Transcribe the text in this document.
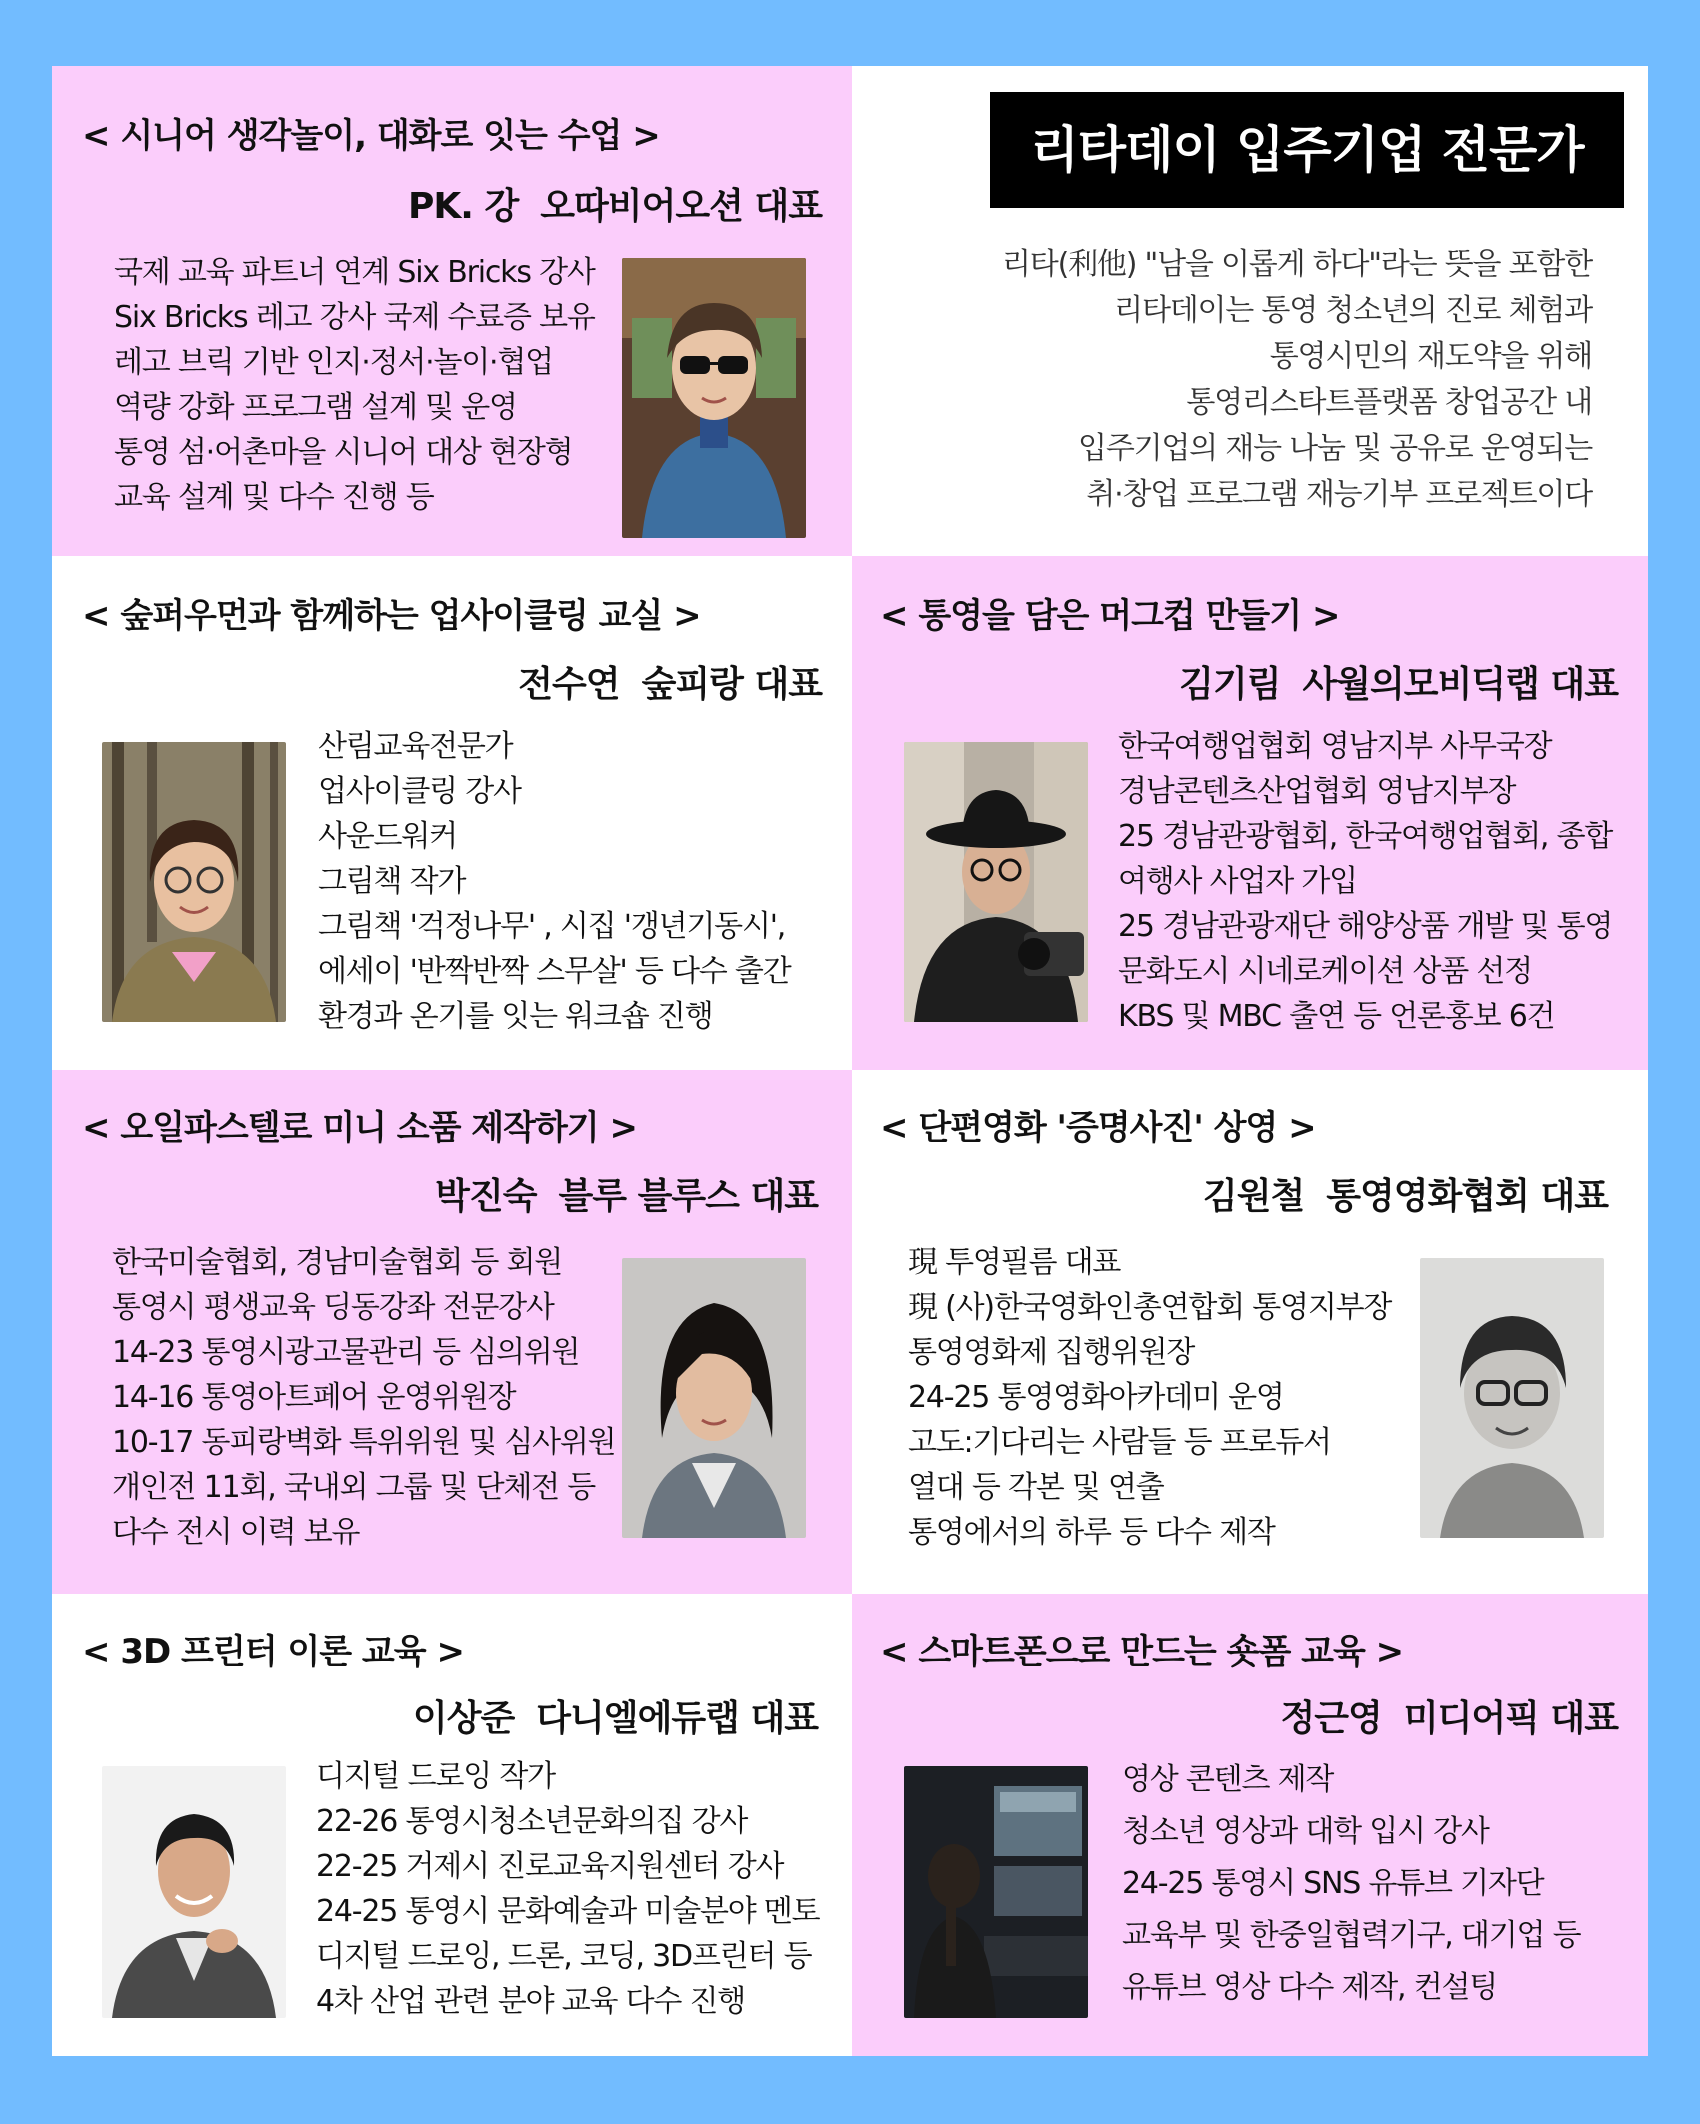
< 시니어 생각놀이, 대화로 잇는 수업 >
PK. 강 오따비어오션 대표
국제 교육 파트너 연계 Six Bricks 강사
Six Bricks 레고 강사 국제 수료증 보유
레고 브릭 기반 인지·정서·놀이·협업
역량 강화 프로그램 설계 및 운영
통영 섬·어촌마을 시니어 대상 현장형
교육 설계 및 다수 진행 등
리타데이 입주기업 전문가
리타(利他) "남을 이롭게 하다"라는 뜻을 포함한
리타데이는 통영 청소년의 진로 체험과
통영시민의 재도약을 위해
통영리스타트플랫폼 창업공간 내
입주기업의 재능 나눔 및 공유로 운영되는
취·창업 프로그램 재능기부 프로젝트이다
< 숲퍼우먼과 함께하는 업사이클링 교실 >
전수연 숲피랑 대표
산림교육전문가
업사이클링 강사
사운드워커
그림책 작가
그림책 '걱정나무' , 시집 '갱년기동시',
에세이 '반짝반짝 스무살' 등 다수 출간
환경과 온기를 잇는 워크숍 진행
< 통영을 담은 머그컵 만들기 >
김기림 사월의모비딕랩 대표
한국여행업협회 영남지부 사무국장
경남콘텐츠산업협회 영남지부장
25 경남관광협회, 한국여행업협회, 종합
여행사 사업자 가입
25 경남관광재단 해양상품 개발 및 통영
문화도시 시네로케이션 상품 선정
KBS 및 MBC 출연 등 언론홍보 6건
< 오일파스텔로 미니 소품 제작하기 >
박진숙 블루 블루스 대표
한국미술협회, 경남미술협회 등 회원
통영시 평생교육 딩동강좌 전문강사
14-23 통영시광고물관리 등 심의위원
14-16 통영아트페어 운영위원장
10-17 동피랑벽화 특위위원 및 심사위원
개인전 11회, 국내외 그룹 및 단체전 등
다수 전시 이력 보유
< 단편영화 '증명사진' 상영 >
김원철 통영영화협회 대표
現 투영필름 대표
現 (사)한국영화인총연합회 통영지부장
통영영화제 집행위원장
24-25 통영영화아카데미 운영
고도:기다리는 사람들 등 프로듀서
열대 등 각본 및 연출
통영에서의 하루 등 다수 제작
< 3D 프린터 이론 교육 >
이상준 다니엘에듀랩 대표
디지털 드로잉 작가
22-26 통영시청소년문화의집 강사
22-25 거제시 진로교육지원센터 강사
24-25 통영시 문화예술과 미술분야 멘토
디지털 드로잉, 드론, 코딩, 3D프린터 등
4차 산업 관련 분야 교육 다수 진행
< 스마트폰으로 만드는 숏폼 교육 >
정근영 미디어픽 대표
영상 콘텐츠 제작
청소년 영상과 대학 입시 강사
24-25 통영시 SNS 유튜브 기자단
교육부 및 한중일협력기구, 대기업 등
유튜브 영상 다수 제작, 컨설팅
